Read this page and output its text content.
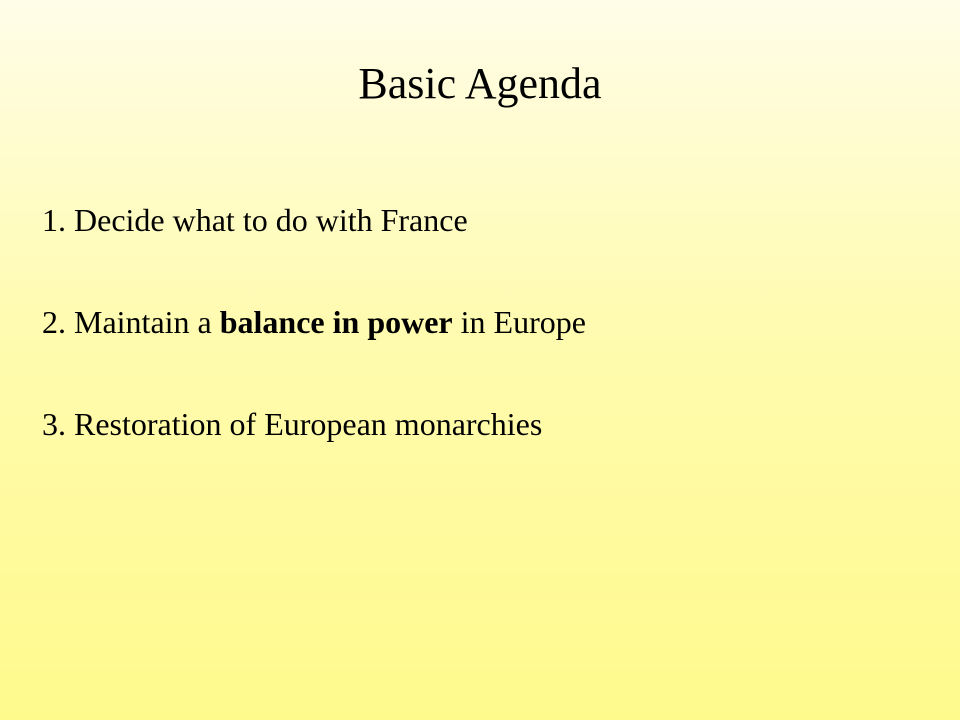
Basic Agenda
1. Decide what to do with France
2. Maintain a balance in power in Europe
3. Restoration of European monarchies
